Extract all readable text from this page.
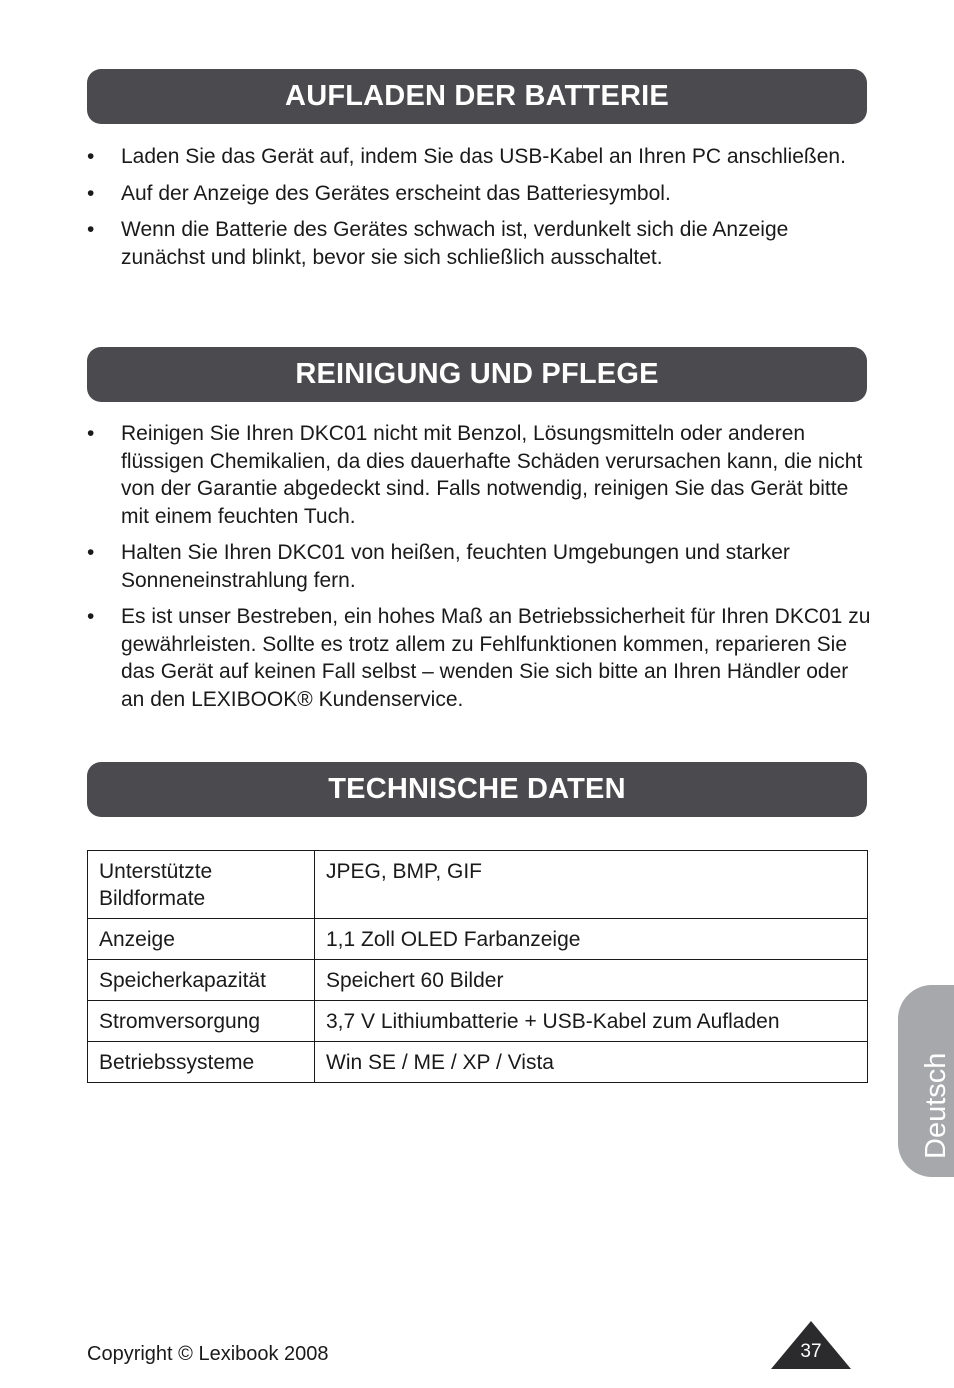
AUFLADEN DER BATTERIE
• Laden Sie das Gerät auf, indem Sie das USB-Kabel an Ihren PC anschließen.
• Auf der Anzeige des Gerätes erscheint das Batteriesymbol.
• Wenn die Batterie des Gerätes schwach ist, verdunkelt sich die Anzeige zunächst und blinkt, bevor sie sich schließlich ausschaltet.
REINIGUNG UND PFLEGE
• Reinigen Sie Ihren DKC01 nicht mit Benzol, Lösungsmitteln oder anderen flüssigen Chemikalien, da dies dauerhafte Schäden verursachen kann, die nicht von der Garantie abgedeckt sind. Falls notwendig, reinigen Sie das Gerät bitte mit einem feuchten Tuch.
• Halten Sie Ihren DKC01 von heißen, feuchten Umgebungen und starker Sonneneinstrahlung fern.
• Es ist unser Bestreben, ein hohes Maß an Betriebssicherheit für Ihren DKC01 zu gewährleisten. Sollte es trotz allem zu Fehlfunktionen kommen, reparieren Sie das Gerät auf keinen Fall selbst – wenden Sie sich bitte an Ihren Händler oder an den LEXIBOOK® Kundenservice.
TECHNISCHE DATEN
Unterstützte Bildformate	JPEG, BMP, GIF
Anzeige	1,1 Zoll OLED Farbanzeige
Speicherkapazität	Speichert 60 Bilder
Stromversorgung	3,7 V Lithiumbatterie + USB-Kabel zum Aufladen
Betriebssysteme	Win SE / ME / XP / Vista	Deutsch
Copyright © Lexibook 2008	37
